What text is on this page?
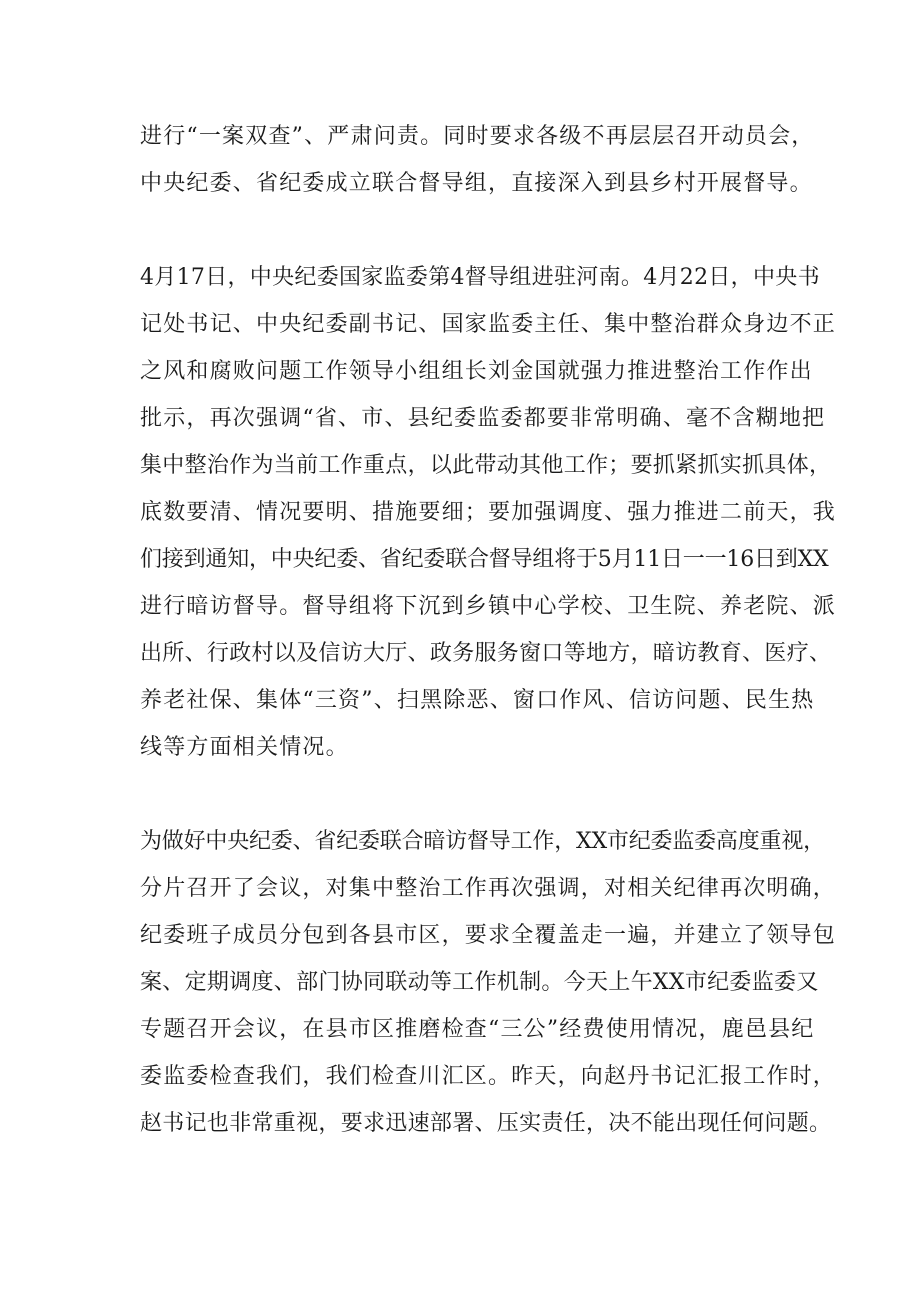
进行“一案双查”、严肃问责。同时要求各级不再层层召开动员会，
中央纪委、省纪委成立联合督导组，直接深入到县乡村开展督导。
4月17日，中央纪委国家监委第4督导组进驻河南。4月22日，中央书
记处书记、中央纪委副书记、国家监委主任、集中整治群众身边不正
之风和腐败问题工作领导小组组长刘金国就强力推进整治工作作出
批示，再次强调“省、市、县纪委监委都要非常明确、毫不含糊地把
集中整治作为当前工作重点，以此带动其他工作；要抓紧抓实抓具体，
底数要清、情况要明、措施要细；要加强调度、强力推进二前天，我
们接到通知，中央纪委、省纪委联合督导组将于5月11日一一16日到XX
进行暗访督导。督导组将下沉到乡镇中心学校、卫生院、养老院、派
出所、行政村以及信访大厅、政务服务窗口等地方，暗访教育、医疗、
养老社保、集体“三资”、扫黑除恶、窗口作风、信访问题、民生热
线等方面相关情况。
为做好中央纪委、省纪委联合暗访督导工作，XX市纪委监委高度重视，
分片召开了会议，对集中整治工作再次强调，对相关纪律再次明确，
纪委班子成员分包到各县市区，要求全覆盖走一遍，并建立了领导包
案、定期调度、部门协同联动等工作机制。今天上午XX市纪委监委又
专题召开会议，在县市区推磨检查“三公”经费使用情况，鹿邑县纪
委监委检查我们，我们检查川汇区。昨天，向赵丹书记汇报工作时，
赵书记也非常重视，要求迅速部署、压实责任，决不能出现任何问题。
